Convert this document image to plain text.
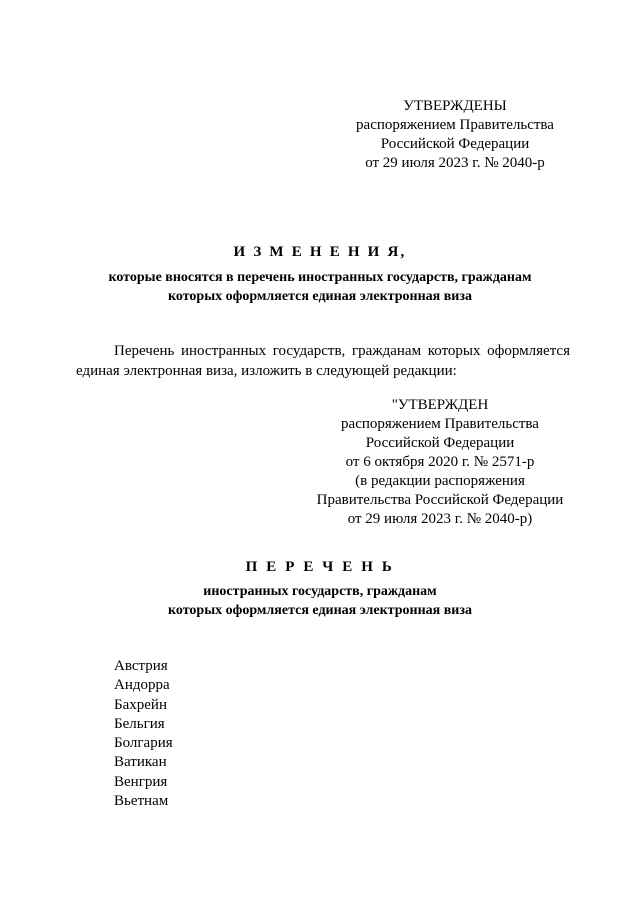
УТВЕРЖДЕНЫ
распоряжением Правительства
Российской Федерации
от 29 июля 2023 г. № 2040-р
И З М Е Н Е Н И Я,
которые вносятся в перечень иностранных государств, гражданам
которых оформляется единая электронная виза
Перечень иностранных государств, гражданам которых оформляется
единая электронная виза, изложить в следующей редакции:
"УТВЕРЖДЕН
распоряжением Правительства
Российской Федерации
от 6 октября 2020 г. № 2571-р
(в редакции распоряжения
Правительства Российской Федерации
от 29 июля 2023 г. № 2040-р)
П Е Р Е Ч Е Н Ь
иностранных государств, гражданам
которых оформляется единая электронная виза
Австрия
Андорра
Бахрейн
Бельгия
Болгария
Ватикан
Венгрия
Вьетнам
